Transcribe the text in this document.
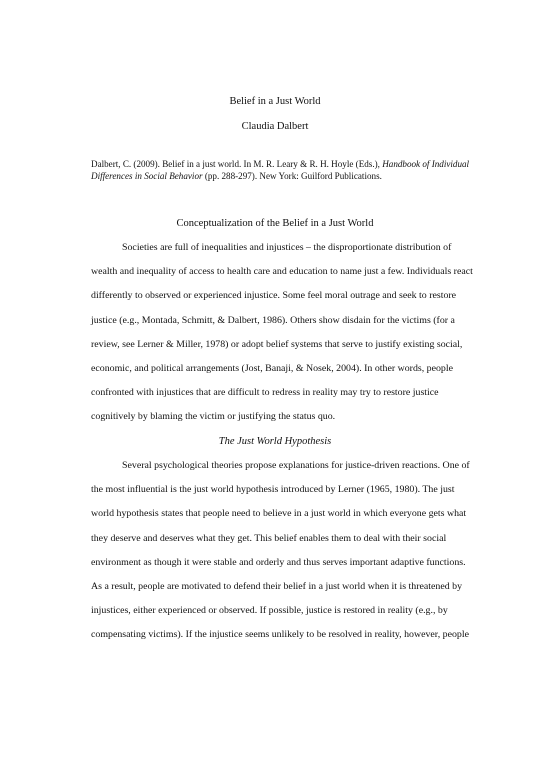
Belief in a Just World
Claudia Dalbert
Dalbert, C. (2009). Belief in a just world. In M. R. Leary & R. H. Hoyle (Eds.), Handbook of Individual
Differences in Social Behavior (pp. 288-297). New York: Guilford Publications.
Conceptualization of the Belief in a Just World
Societies are full of inequalities and injustices – the disproportionate distribution of
wealth and inequality of access to health care and education to name just a few. Individuals react
differently to observed or experienced injustice. Some feel moral outrage and seek to restore
justice (e.g., Montada, Schmitt, & Dalbert, 1986). Others show disdain for the victims (for a
review, see Lerner & Miller, 1978) or adopt belief systems that serve to justify existing social,
economic, and political arrangements (Jost, Banaji, & Nosek, 2004). In other words, people
confronted with injustices that are difficult to redress in reality may try to restore justice
cognitively by blaming the victim or justifying the status quo.
The Just World Hypothesis
Several psychological theories propose explanations for justice-driven reactions. One of
the most influential is the just world hypothesis introduced by Lerner (1965, 1980). The just
world hypothesis states that people need to believe in a just world in which everyone gets what
they deserve and deserves what they get. This belief enables them to deal with their social
environment as though it were stable and orderly and thus serves important adaptive functions.
As a result, people are motivated to defend their belief in a just world when it is threatened by
injustices, either experienced or observed. If possible, justice is restored in reality (e.g., by
compensating victims). If the injustice seems unlikely to be resolved in reality, however, people
